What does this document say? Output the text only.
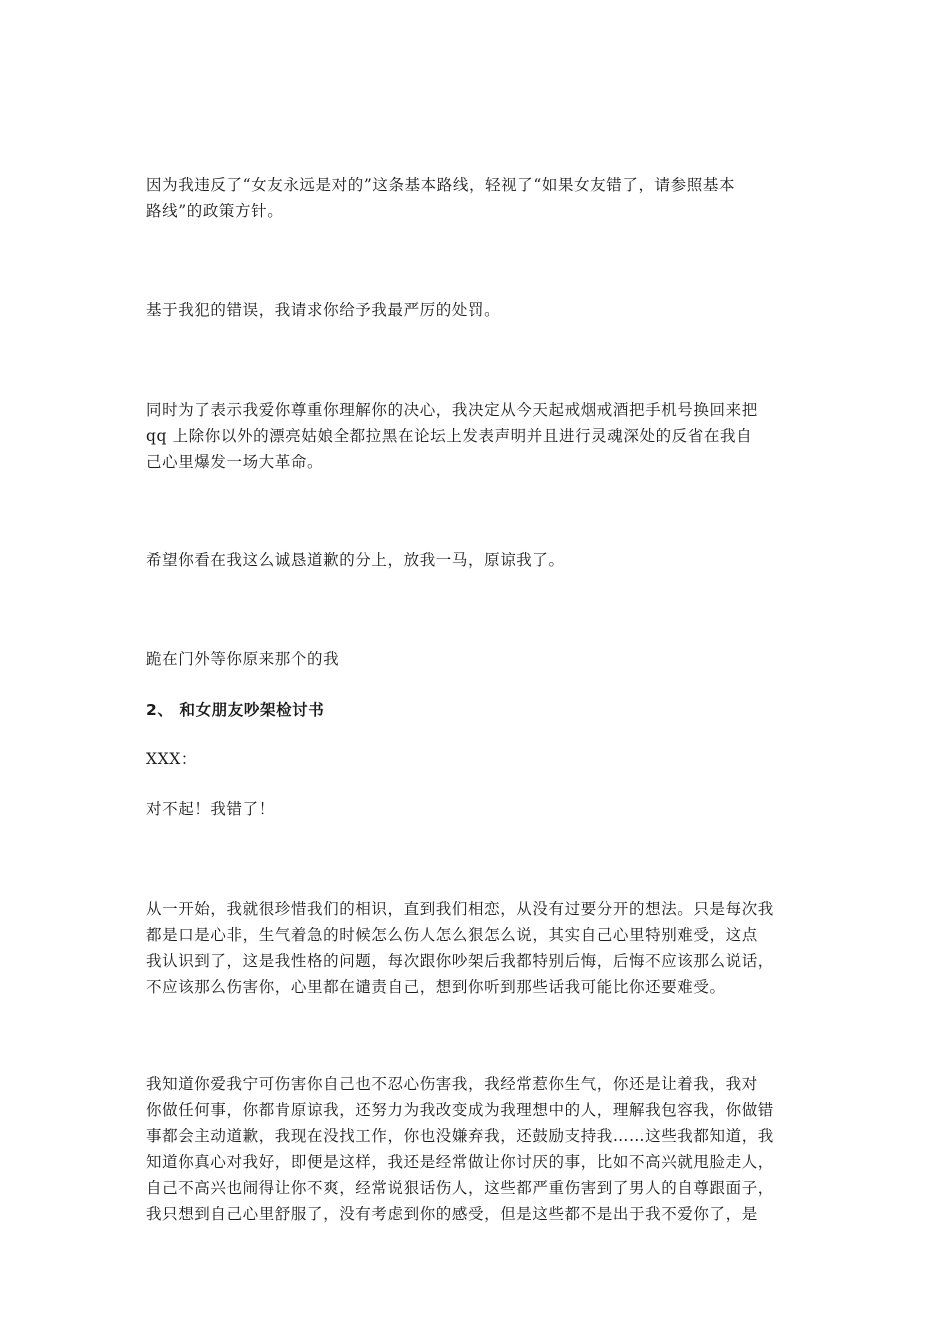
因为我违反了“女友永远是对的”这条基本路线，轻视了“如果女友错了，请参照基本
路线”的政策方针。
基于我犯的错误，我请求你给予我最严厉的处罚。
同时为了表示我爱你尊重你理解你的决心，我决定从今天起戒烟戒酒把手机号换回来把
qq 上除你以外的漂亮姑娘全都拉黑在论坛上发表声明并且进行灵魂深处的反省在我自
己心里爆发一场大革命。
希望你看在我这么诚恳道歉的分上，放我一马，原谅我了。
跪在门外等你原来那个的我
2、 和女朋友吵架检讨书
XXX：
对不起！我错了！
从一开始，我就很珍惜我们的相识，直到我们相恋，从没有过要分开的想法。只是每次我
都是口是心非，生气着急的时候怎么伤人怎么狠怎么说，其实自己心里特别难受，这点
我认识到了，这是我性格的问题，每次跟你吵架后我都特别后悔，后悔不应该那么说话，
不应该那么伤害你，心里都在谴责自己，想到你听到那些话我可能比你还要难受。
我知道你爱我宁可伤害你自己也不忍心伤害我，我经常惹你生气，你还是让着我，我对
你做任何事，你都肯原谅我，还努力为我改变成为我理想中的人，理解我包容我，你做错
事都会主动道歉，我现在没找工作，你也没嫌弃我，还鼓励支持我……这些我都知道，我
知道你真心对我好，即便是这样，我还是经常做让你讨厌的事，比如不高兴就甩脸走人，
自己不高兴也闹得让你不爽，经常说狠话伤人，这些都严重伤害到了男人的自尊跟面子，
我只想到自己心里舒服了，没有考虑到你的感受，但是这些都不是出于我不爱你了，是
